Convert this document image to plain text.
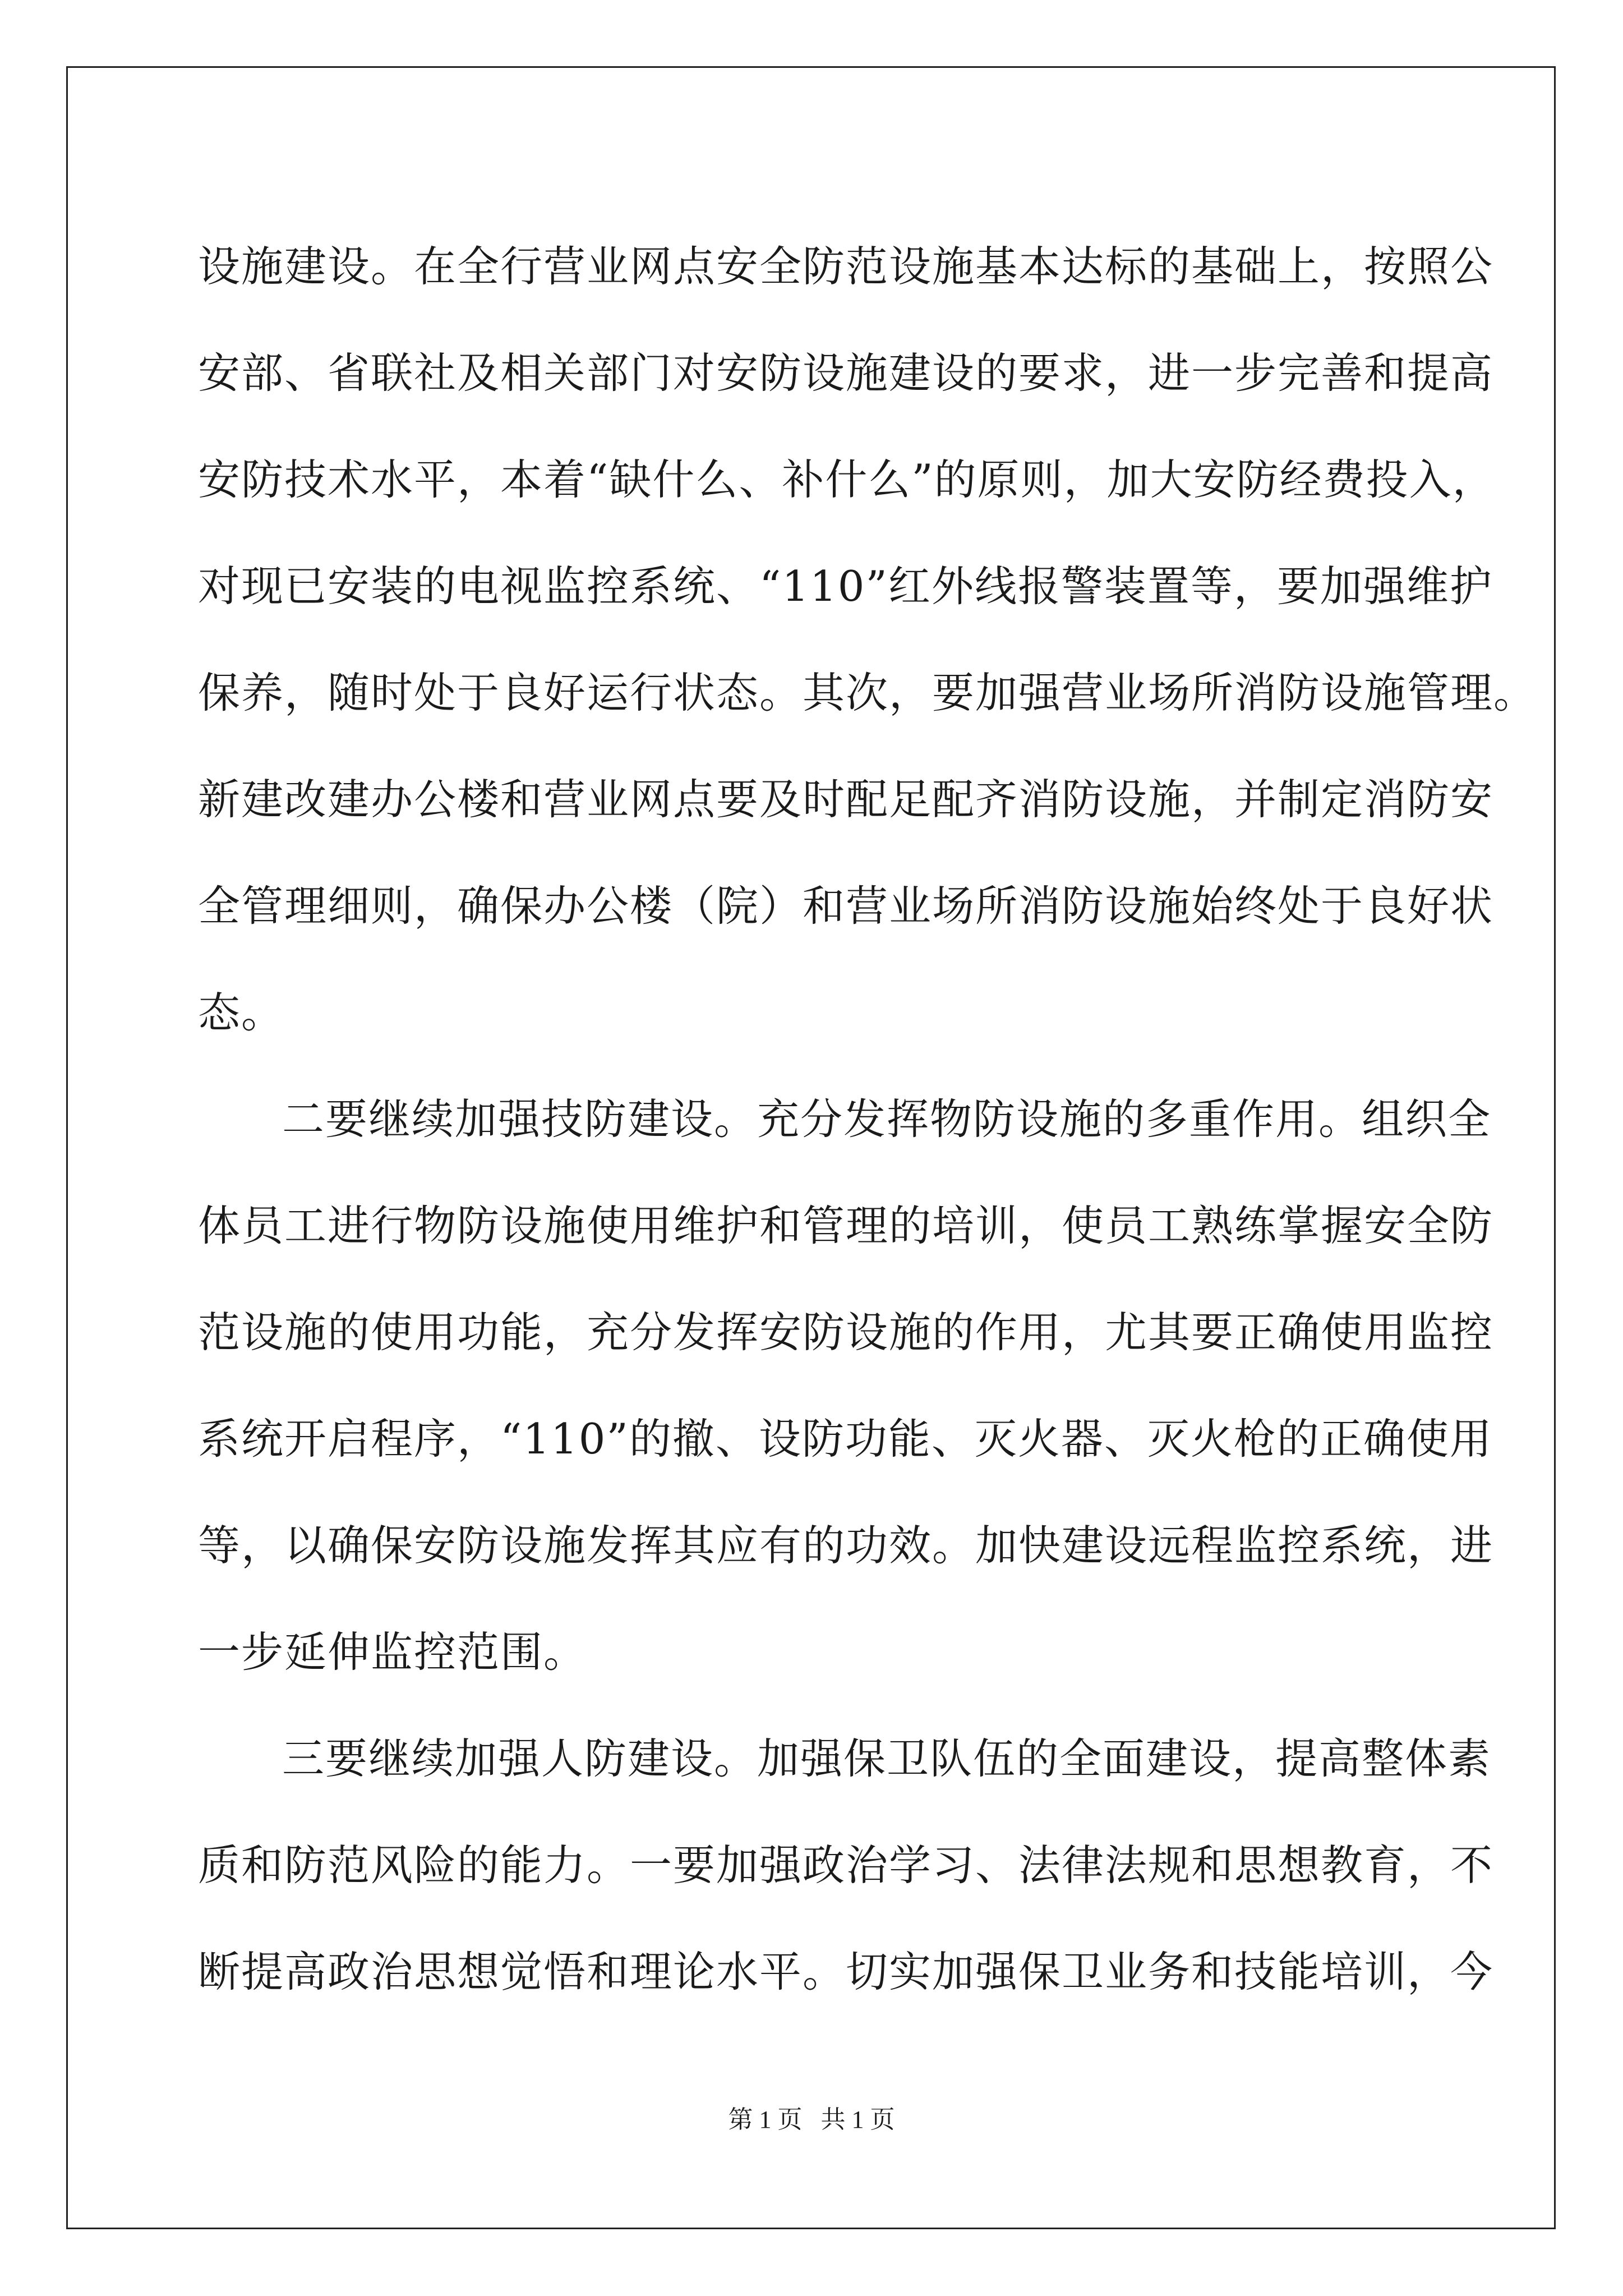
设施建设。在全行营业网点安全防范设施基本达标的基础上，按照公
安部、省联社及相关部门对安防设施建设的要求，进一步完善和提高
安防技术水平，本着“缺什么、补什么”的原则，加大安防经费投入，
对现已安装的电视监控系统、“110”红外线报警装置等，要加强维护
保养，随时处于良好运行状态。其次，要加强营业场所消防设施管理。
新建改建办公楼和营业网点要及时配足配齐消防设施，并制定消防安
全管理细则，确保办公楼（院）和营业场所消防设施始终处于良好状
态。
二要继续加强技防建设。充分发挥物防设施的多重作用。组织全
体员工进行物防设施使用维护和管理的培训，使员工熟练掌握安全防
范设施的使用功能，充分发挥安防设施的作用，尤其要正确使用监控
系统开启程序，“110”的撤、设防功能、灭火器、灭火枪的正确使用
等，以确保安防设施发挥其应有的功效。加快建设远程监控系统，进
一步延伸监控范围。
三要继续加强人防建设。加强保卫队伍的全面建设，提高整体素
质和防范风险的能力。一要加强政治学习、法律法规和思想教育，不
断提高政治思想觉悟和理论水平。切实加强保卫业务和技能培训，今
第 1 页   共 1 页
